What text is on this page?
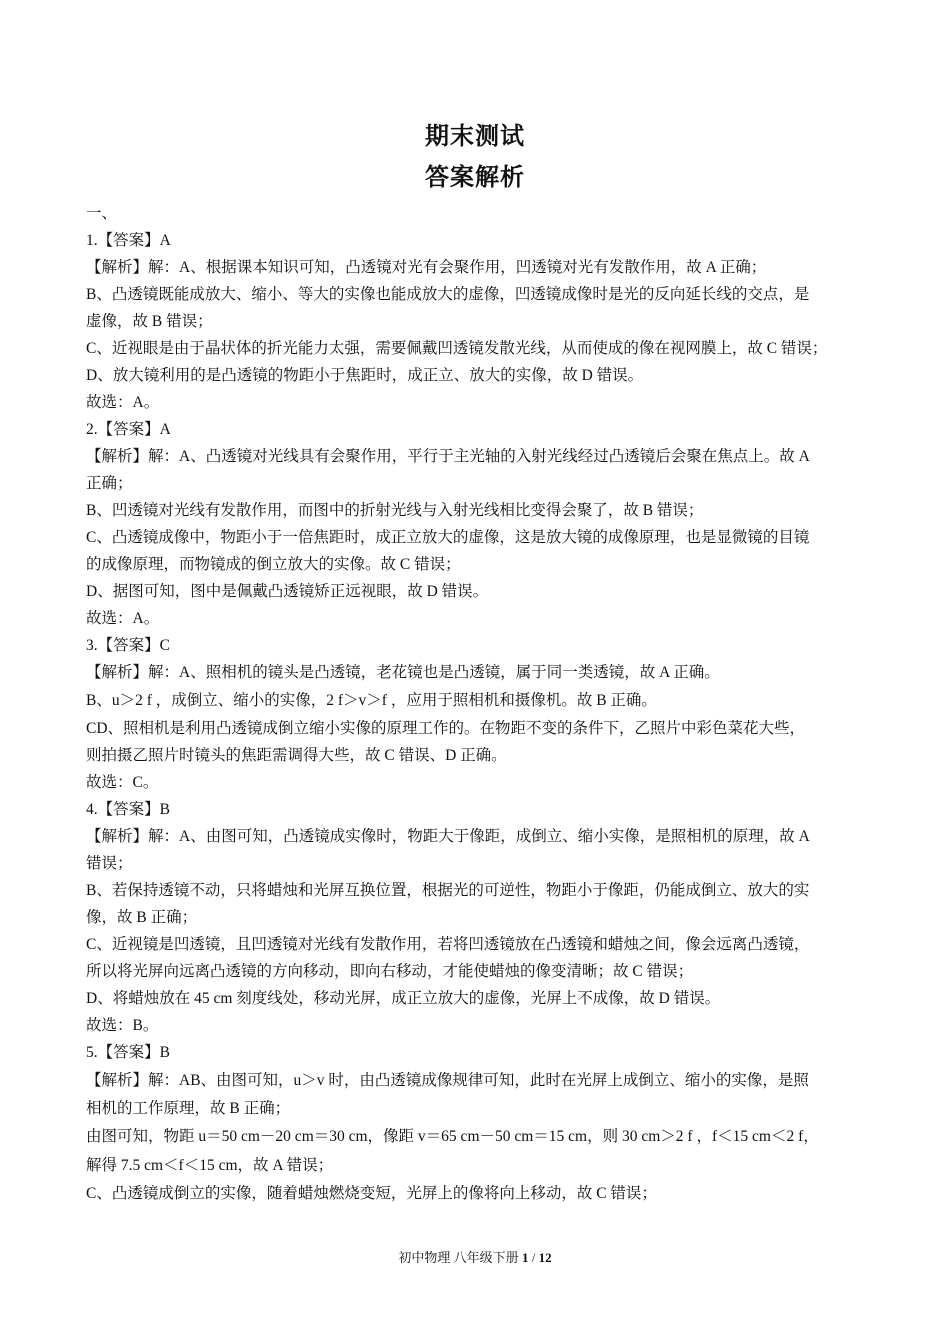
期末测试
答案解析

一、

1.【答案】A

【解析】解：A、根据课本知识可知，凸透镜对光有会聚作用，凹透镜对光有发散作用，故 A 正确；

B、凸透镜既能成放大、缩小、等大的实像也能成放大的虚像，凹透镜成像时是光的反向延长线的交点，是

虚像，故 B 错误；

C、近视眼是由于晶状体的折光能力太强，需要佩戴凹透镜发散光线，从而使成的像在视网膜上，故 C 错误；

D、放大镜利用的是凸透镜的物距小于焦距时，成正立、放大的实像，故 D 错误。

故选：A。

2.【答案】A

【解析】解：A、凸透镜对光线具有会聚作用，平行于主光轴的入射光线经过凸透镜后会聚在焦点上。故 A

正确；

B、凹透镜对光线有发散作用，而图中的折射光线与入射光线相比变得会聚了，故 B 错误；

C、凸透镜成像中，物距小于一倍焦距时，成正立放大的虚像，这是放大镜的成像原理，也是显微镜的目镜

的成像原理，而物镜成的倒立放大的实像。故 C 错误；

D、据图可知，图中是佩戴凸透镜矫正远视眼，故 D 错误。

故选：A。

3.【答案】C

【解析】解：A、照相机的镜头是凸透镜，老花镜也是凸透镜，属于同一类透镜，故 A 正确。

B、u＞2 f ，成倒立、缩小的实像，2 f＞v＞f ，应用于照相机和摄像机。故 B 正确。

CD、照相机是利用凸透镜成倒立缩小实像的原理工作的。在物距不变的条件下，乙照片中彩色菜花大些，

则拍摄乙照片时镜头的焦距需调得大些，故 C 错误、D 正确。

故选：C。

4.【答案】B

【解析】解：A、由图可知，凸透镜成实像时，物距大于像距，成倒立、缩小实像，是照相机的原理，故 A

错误；

B、若保持透镜不动，只将蜡烛和光屏互换位置，根据光的可逆性，物距小于像距，仍能成倒立、放大的实

像，故 B 正确；

C、近视镜是凹透镜，且凹透镜对光线有发散作用，若将凹透镜放在凸透镜和蜡烛之间，像会远离凸透镜，

所以将光屏向远离凸透镜的方向移动，即向右移动，才能使蜡烛的像变清晰；故 C 错误；

D、将蜡烛放在 45 cm 刻度线处，移动光屏，成正立放大的虚像，光屏上不成像，故 D 错误。

故选：B。

5.【答案】B

【解析】解：AB、由图可知，u＞v 时，由凸透镜成像规律可知，此时在光屏上成倒立、缩小的实像，是照

相机的工作原理，故 B 正确；

由图可知，物距 u＝50 cm－20 cm＝30 cm，像距 v＝65 cm－50 cm＝15 cm，则 30 cm＞2 f ，f＜15 cm＜2 f，

解得 7.5 cm＜f＜15 cm，故 A 错误；

C、凸透镜成倒立的实像，随着蜡烛燃烧变短，光屏上的像将向上移动，故 C 错误；

初中物理 八年级下册 1 / 12
